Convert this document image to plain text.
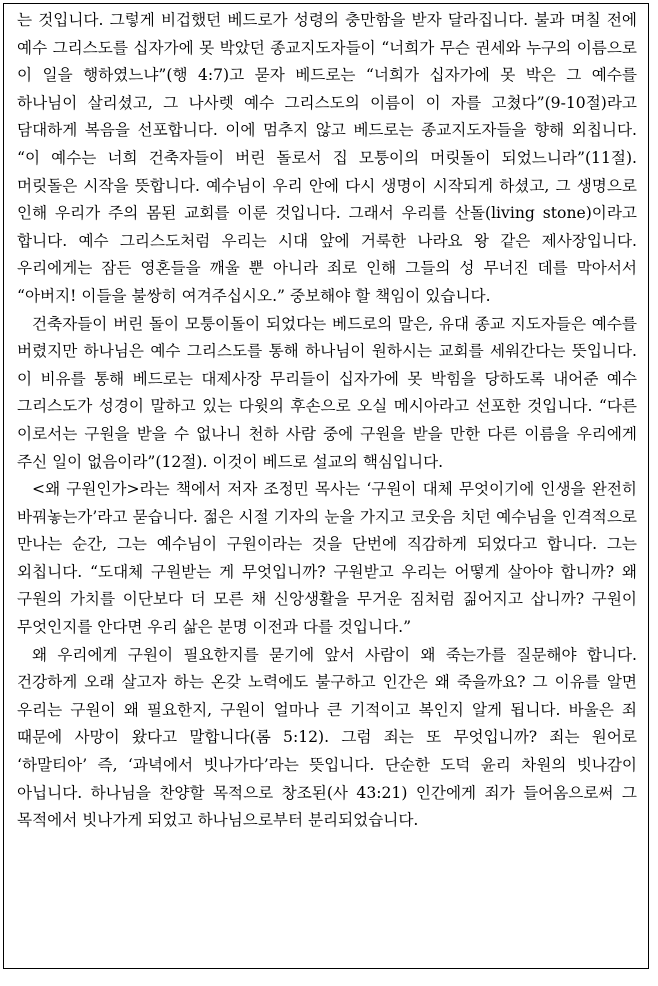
는 것입니다. 그렇게 비겁했던 베드로가 성령의 충만함을 받자 달라집니다. 불과 며칠 전에 예수 그리스도를 십자가에 못 박았던 종교지도자들이 “너희가 무슨 권세와 누구의 이름으로 이 일을 행하였느냐”(행 4:7)고 묻자 베드로는 “너희가 십자가에 못 박은 그 예수를 하나님이 살리셨고, 그 나사렛 예수 그리스도의 이름이 이 자를 고쳤다”(9-10절)라고 담대하게 복음을 선포합니다. 이에 멈추지 않고 베드로는 종교지도자들을 향해 외칩니다. “이 예수는 너희 건축자들이 버린 돌로서 집 모퉁이의 머릿돌이 되었느니라”(11절). 머릿돌은 시작을 뜻합니다. 예수님이 우리 안에 다시 생명이 시작되게 하셨고, 그 생명으로 인해 우리가 주의 몸된 교회를 이룬 것입니다. 그래서 우리를 산돌(living stone)이라고 합니다. 예수 그리스도처럼 우리는 시대 앞에 거룩한 나라요 왕 같은 제사장입니다. 우리에게는 잠든 영혼들을 깨울 뿐 아니라 죄로 인해 그들의 성 무너진 데를 막아서서 “아버지! 이들을 불쌍히 여겨주십시오.” 중보해야 할 책임이 있습니다.

건축자들이 버린 돌이 모퉁이돌이 되었다는 베드로의 말은, 유대 종교 지도자들은 예수를 버렸지만 하나님은 예수 그리스도를 통해 하나님이 원하시는 교회를 세워간다는 뜻입니다. 이 비유를 통해 베드로는 대제사장 무리들이 십자가에 못 박힘을 당하도록 내어준 예수 그리스도가 성경이 말하고 있는 다윗의 후손으로 오실 메시아라고 선포한 것입니다. “다른 이로서는 구원을 받을 수 없나니 천하 사람 중에 구원을 받을 만한 다른 이름을 우리에게 주신 일이 없음이라”(12절). 이것이 베드로 설교의 핵심입니다.

<왜 구원인가>라는 책에서 저자 조정민 목사는 ‘구원이 대체 무엇이기에 인생을 완전히 바꿔놓는가’라고 묻습니다. 젊은 시절 기자의 눈을 가지고 코웃음 치던 예수님을 인격적으로 만나는 순간, 그는 예수님이 구원이라는 것을 단번에 직감하게 되었다고 합니다. 그는 외칩니다. “도대체 구원받는 게 무엇입니까? 구원받고 우리는 어떻게 살아야 합니까? 왜 구원의 가치를 이단보다 더 모른 채 신앙생활을 무거운 짐처럼 짊어지고 삽니까? 구원이 무엇인지를 안다면 우리 삶은 분명 이전과 다를 것입니다.”

왜 우리에게 구원이 필요한지를 묻기에 앞서 사람이 왜 죽는가를 질문해야 합니다. 건강하게 오래 살고자 하는 온갖 노력에도 불구하고 인간은 왜 죽을까요? 그 이유를 알면 우리는 구원이 왜 필요한지, 구원이 얼마나 큰 기적이고 복인지 알게 됩니다. 바울은 죄 때문에 사망이 왔다고 말합니다(롬 5:12). 그럼 죄는 또 무엇입니까? 죄는 원어로 ‘하말티아’ 즉, ‘과녁에서 빗나가다’라는 뜻입니다. 단순한 도덕 윤리 차원의 빗나감이 아닙니다. 하나님을 찬양할 목적으로 창조된(사 43:21) 인간에게 죄가 들어옴으로써 그 목적에서 빗나가게 되었고 하나님으로부터 분리되었습니다.
